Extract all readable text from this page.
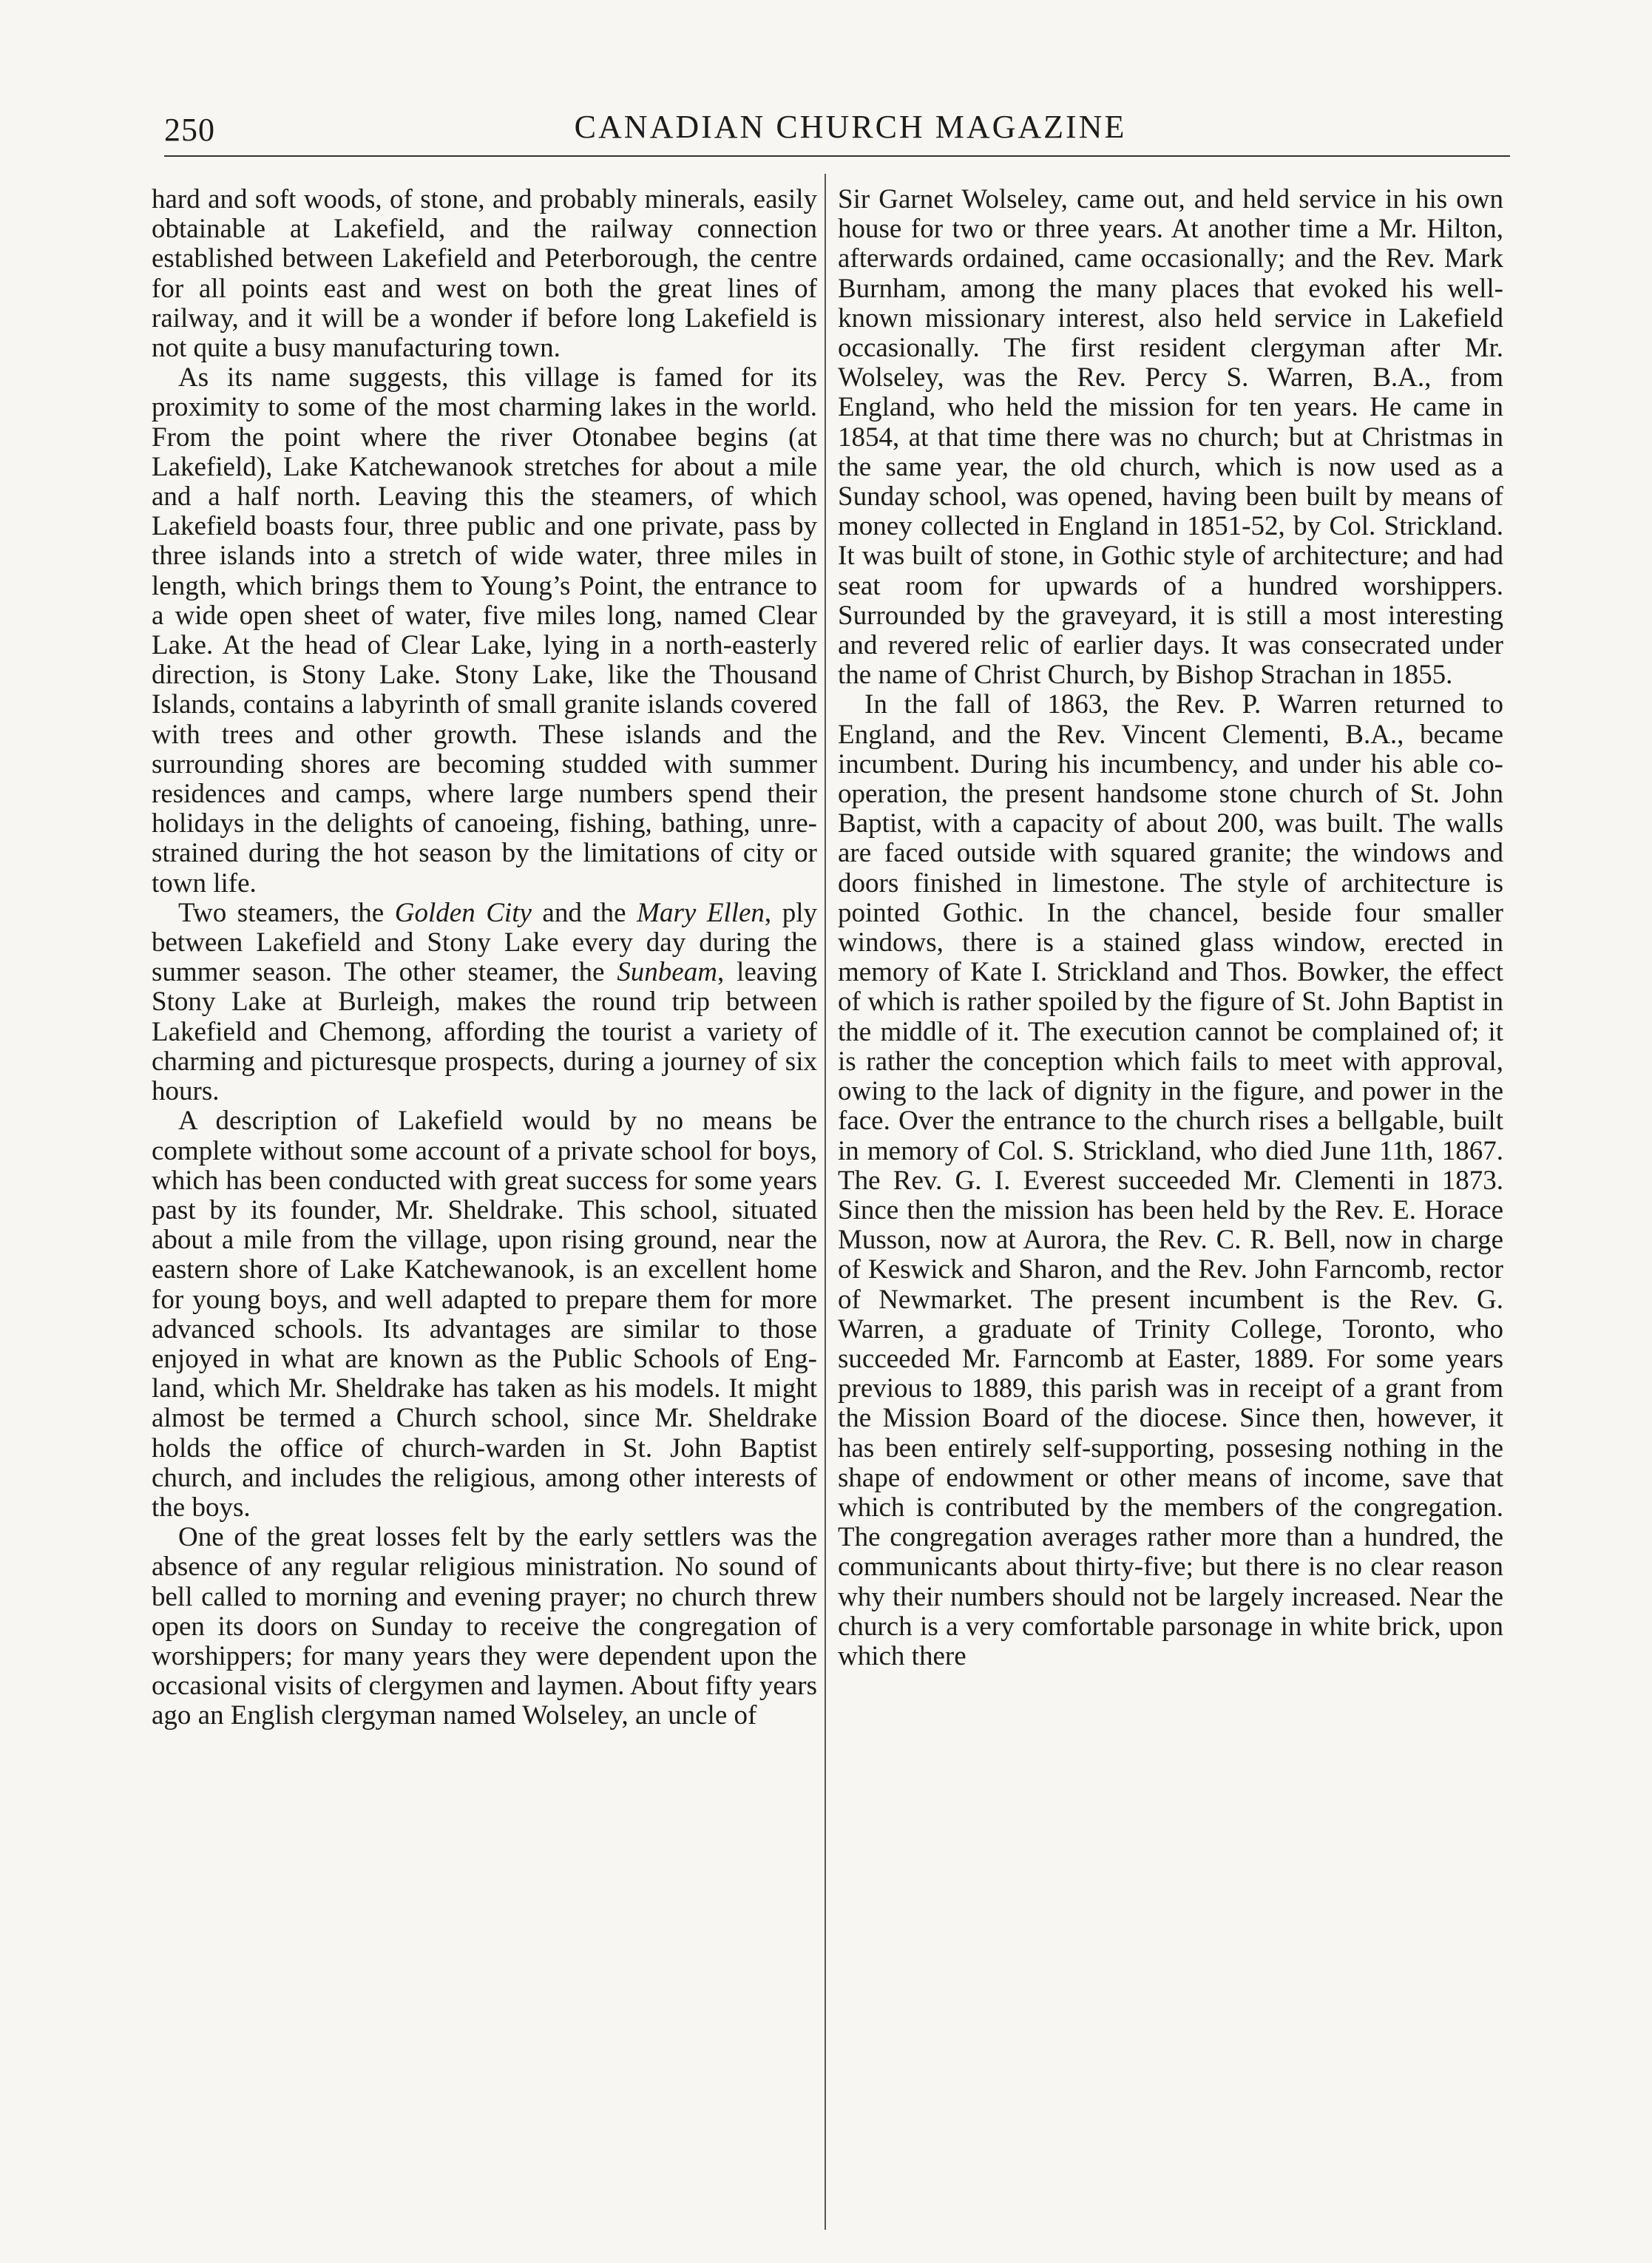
250	CANADIAN CHURCH MAGAZINE

hard and soft woods, of stone, and probably minerals, easily obtainable at Lakefield, and the railway connection established between Lakefield and Peterborough, the centre for all points east and west on both the great lines of railway, and it will be a wonder if before long Lakefield is not quite a busy manufacturing town.

As its name suggests, this village is famed for its proximity to some of the most charming lakes in the world. From the point where the river Otonabee begins (at Lakefield), Lake Katchewanook stretches for about a mile and a half north. Leaving this the steamers, of which Lakefield boasts four, three public and one private, pass by three islands into a stretch of wide water, three miles in length, which brings them to Young’s Point, the entrance to a wide open sheet of water, five miles long, named Clear Lake. At the head of Clear Lake, lying in a north-easterly direction, is Stony Lake. Stony Lake, like the Thousand Islands, contains a labyrinth of small granite islands covered with trees and other growth. These islands and the surrounding shores are becoming studded with summer residences and camps, where large numbers spend their holidays in the delights of canoeing, fishing, bathing, unrestrained during the hot season by the limitations of city or town life.

Two steamers, the Golden City and the Mary Ellen, ply between Lakefield and Stony Lake every day during the summer season. The other steamer, the Sunbeam, leaving Stony Lake at Burleigh, makes the round trip between Lakefield and Chemong, affording the tourist a variety of charming and picturesque prospects, during a journey of six hours.

A description of Lakefield would by no means be complete without some account of a private school for boys, which has been conducted with great success for some years past by its founder, Mr. Sheldrake. This school, situated about a mile from the village, upon rising ground, near the eastern shore of Lake Katchewanook, is an excellent home for young boys, and well adapted to prepare them for more advanced schools. Its advantages are similar to those enjoyed in what are known as the Public Schools of England, which Mr. Sheldrake has taken as his models. It might almost be termed a Church school, since Mr. Sheldrake holds the office of church-warden in St. John Baptist church, and includes the religious, among other interests of the boys.

One of the great losses felt by the early settlers was the absence of any regular religious ministration. No sound of bell called to morning and evening prayer; no church threw open its doors on Sunday to receive the congregation of worshippers; for many years they were dependent upon the occasional visits of clergymen and laymen. About fifty years ago an English clergyman named Wolseley, an uncle of

Sir Garnet Wolseley, came out, and held service in his own house for two or three years. At another time a Mr. Hilton, afterwards ordained, came occasionally; and the Rev. Mark Burnham, among the many places that evoked his well-known missionary interest, also held service in Lakefield occasionally. The first resident clergyman after Mr. Wolseley, was the Rev. Percy S. Warren, B.A., from England, who held the mission for ten years. He came in 1854, at that time there was no church; but at Christmas in the same year, the old church, which is now used as a Sunday school, was opened, having been built by means of money collected in England in 1851-52, by Col. Strickland. It was built of stone, in Gothic style of architecture; and had seat room for upwards of a hundred worshippers. Surrounded by the graveyard, it is still a most interesting and revered relic of earlier days. It was consecrated under the name of Christ Church, by Bishop Strachan in 1855.

In the fall of 1863, the Rev. P. Warren returned to England, and the Rev. Vincent Clementi, B.A., became incumbent. During his incumbency, and under his able co-operation, the present handsome stone church of St. John Baptist, with a capacity of about 200, was built. The walls are faced outside with squared granite; the windows and doors finished in limestone. The style of architecture is pointed Gothic. In the chancel, beside four smaller windows, there is a stained glass window, erected in memory of Kate I. Strickland and Thos. Bowker, the effect of which is rather spoiled by the figure of St. John Baptist in the middle of it. The execution cannot be complained of; it is rather the conception which fails to meet with approval, owing to the lack of dignity in the figure, and power in the face. Over the entrance to the church rises a bellgable, built in memory of Col. S. Strickland, who died June 11th, 1867. The Rev. G. I. Everest succeeded Mr. Clementi in 1873. Since then the mission has been held by the Rev. E. Horace Musson, now at Aurora, the Rev. C. R. Bell, now in charge of Keswick and Sharon, and the Rev. John Farncomb, rector of Newmarket. The present incumbent is the Rev. G. Warren, a graduate of Trinity College, Toronto, who succeeded Mr. Farncomb at Easter, 1889. For some years previous to 1889, this parish was in receipt of a grant from the Mission Board of the diocese. Since then, however, it has been entirely self-supporting, possesing nothing in the shape of endowment or other means of income, save that which is contributed by the members of the congregation. The congregation averages rather more than a hundred, the communicants about thirty-five; but there is no clear reason why their numbers should not be largely increased. Near the church is a very comfortable parsonage in white brick, upon which there
